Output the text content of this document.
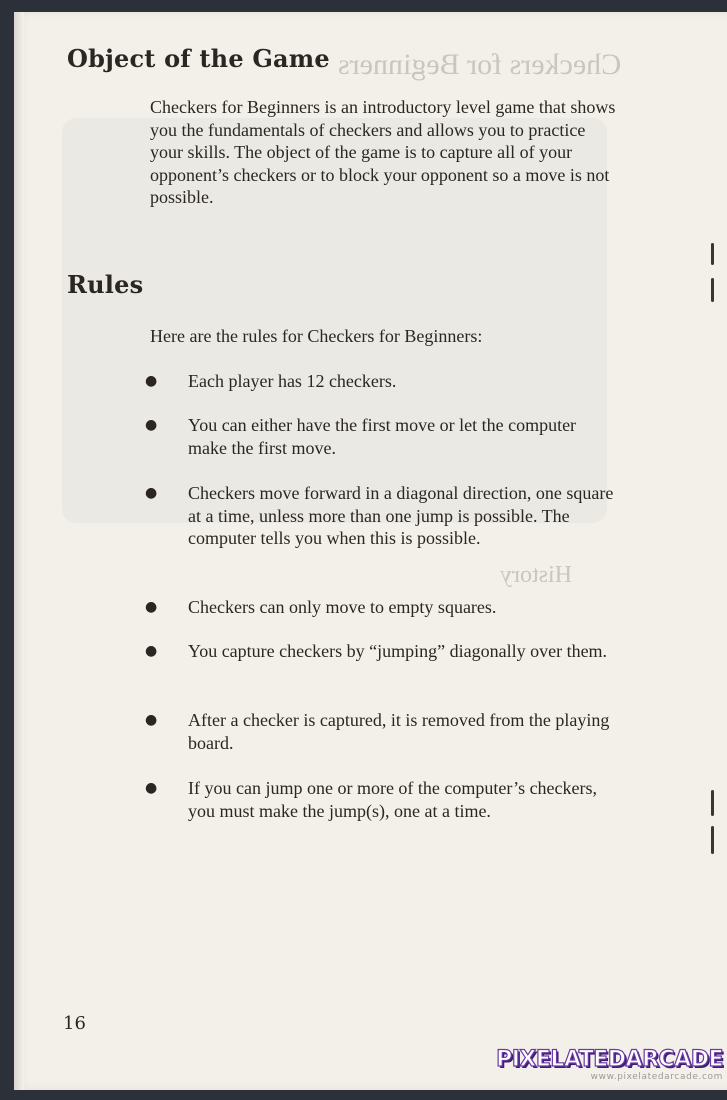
Checkers for Beginners
History
Object of the Game

Checkers for Beginners is an introductory level game that shows you the fundamentals of checkers and allows you to practice your skills. The object of the game is to capture all of your opponent’s checkers or to block your opponent so a move is not possible.

Rules

Here are the rules for Checkers for Beginners:

●	Each player has 12 checkers.
●	You can either have the first move or let the computer make the first move.
●	Checkers move forward in a diagonal direction, one square at a time, unless more than one jump is possible. The computer tells you when this is possible.
●	Checkers can only move to empty squares.
●	You capture checkers by “jumping” diagonally over them.
●	After a checker is captured, it is removed from the playing board.
●	If you can jump one or more of the computer’s checkers, you must make the jump(s), one at a time.

16

PIXELATEDARCADE
www.pixelatedarcade.com
